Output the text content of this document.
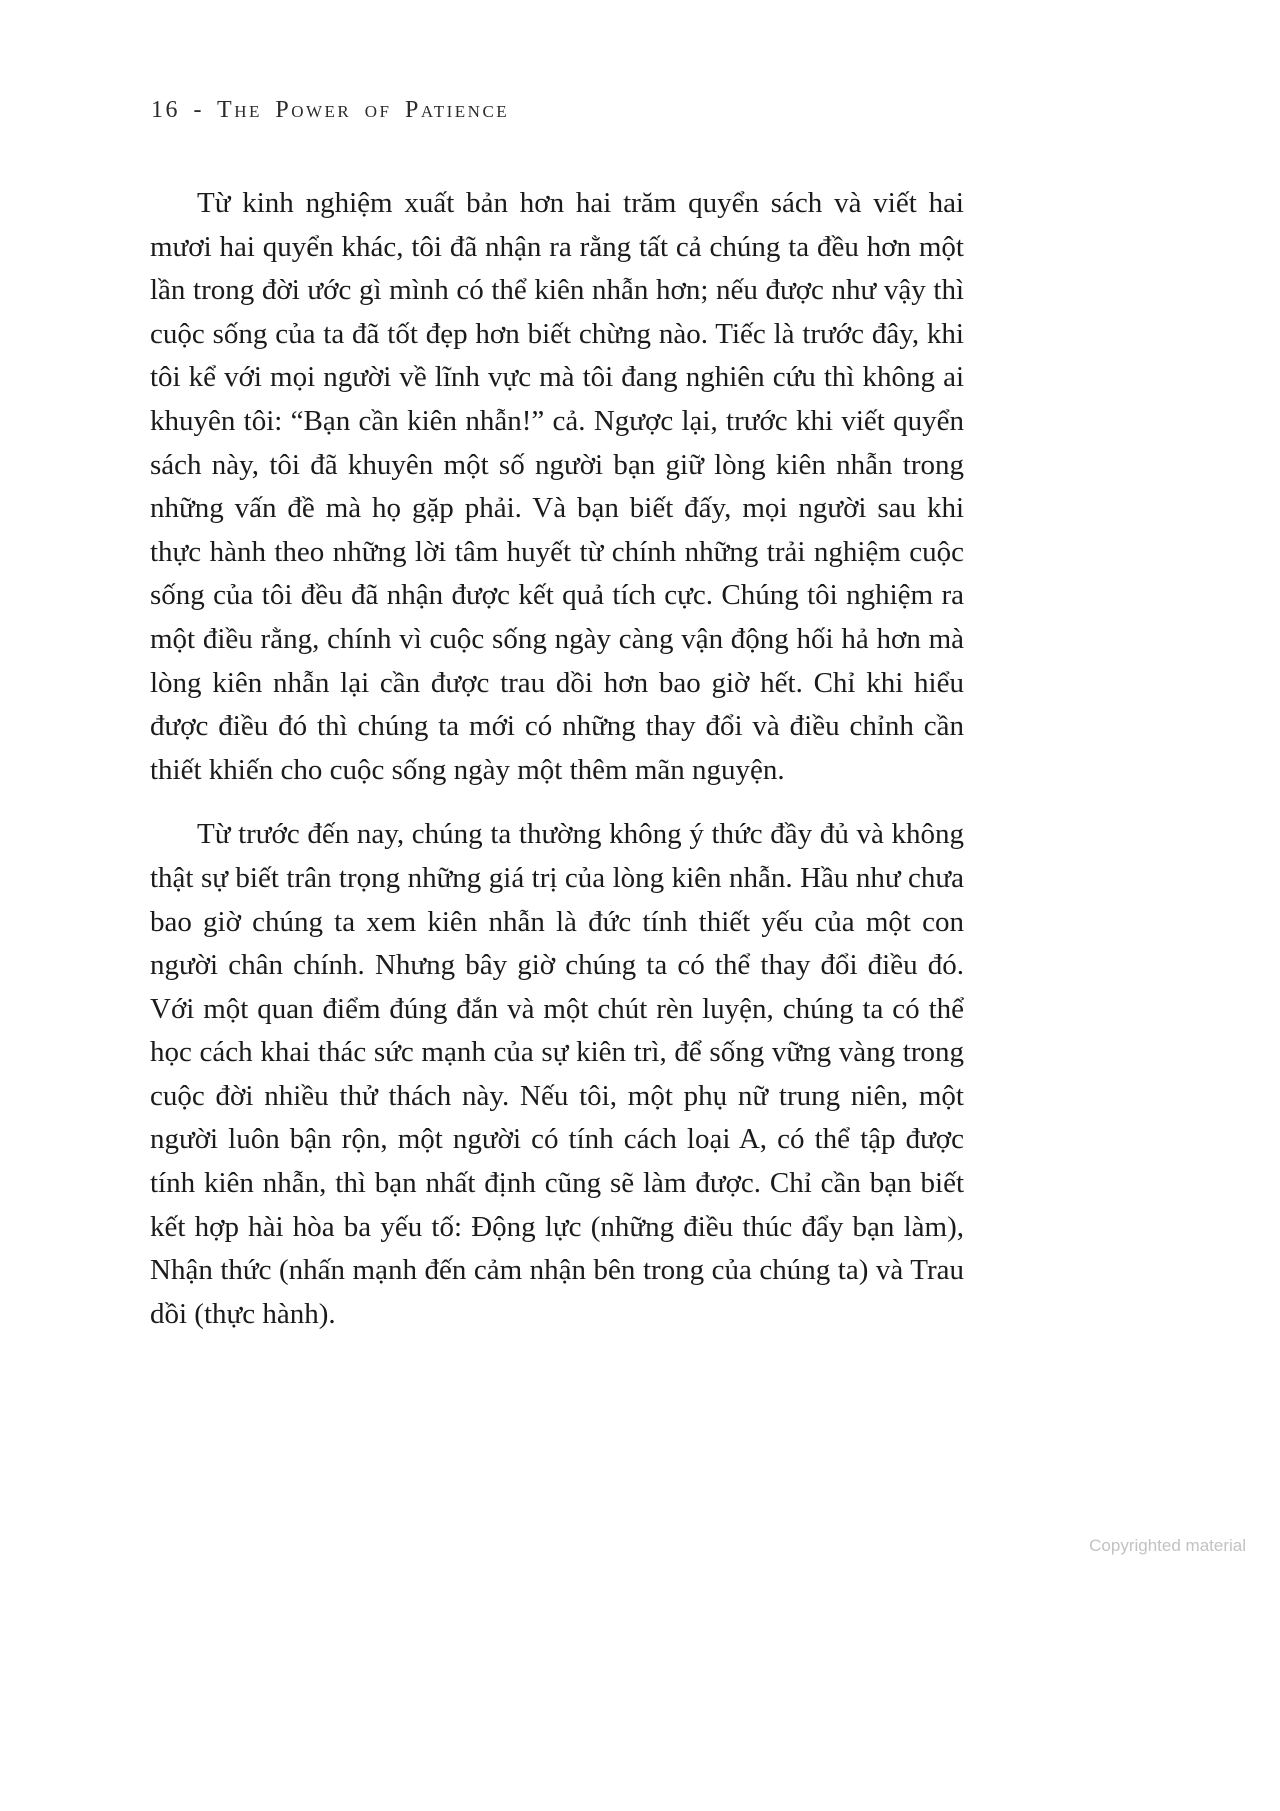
16 - The Power of Patience

Từ kinh nghiệm xuất bản hơn hai trăm quyển sách và viết hai mươi hai quyển khác, tôi đã nhận ra rằng tất cả chúng ta đều hơn một lần trong đời ước gì mình có thể kiên nhẫn hơn; nếu được như vậy thì cuộc sống của ta đã tốt đẹp hơn biết chừng nào. Tiếc là trước đây, khi tôi kể với mọi người về lĩnh vực mà tôi đang nghiên cứu thì không ai khuyên tôi: “Bạn cần kiên nhẫn!” cả. Ngược lại, trước khi viết quyển sách này, tôi đã khuyên một số người bạn giữ lòng kiên nhẫn trong những vấn đề mà họ gặp phải. Và bạn biết đấy, mọi người sau khi thực hành theo những lời tâm huyết từ chính những trải nghiệm cuộc sống của tôi đều đã nhận được kết quả tích cực. Chúng tôi nghiệm ra một điều rằng, chính vì cuộc sống ngày càng vận động hối hả hơn mà lòng kiên nhẫn lại cần được trau dồi hơn bao giờ hết. Chỉ khi hiểu được điều đó thì chúng ta mới có những thay đổi và điều chỉnh cần thiết khiến cho cuộc sống ngày một thêm mãn nguyện.

Từ trước đến nay, chúng ta thường không ý thức đầy đủ và không thật sự biết trân trọng những giá trị của lòng kiên nhẫn. Hầu như chưa bao giờ chúng ta xem kiên nhẫn là đức tính thiết yếu của một con người chân chính. Nhưng bây giờ chúng ta có thể thay đổi điều đó. Với một quan điểm đúng đắn và một chút rèn luyện, chúng ta có thể học cách khai thác sức mạnh của sự kiên trì, để sống vững vàng trong cuộc đời nhiều thử thách này. Nếu tôi, một phụ nữ trung niên, một người luôn bận rộn, một người có tính cách loại A, có thể tập được tính kiên nhẫn, thì bạn nhất định cũng sẽ làm được. Chỉ cần bạn biết kết hợp hài hòa ba yếu tố: Động lực (những điều thúc đẩy bạn làm), Nhận thức (nhấn mạnh đến cảm nhận bên trong của chúng ta) và Trau dồi (thực hành).

Copyrighted material
